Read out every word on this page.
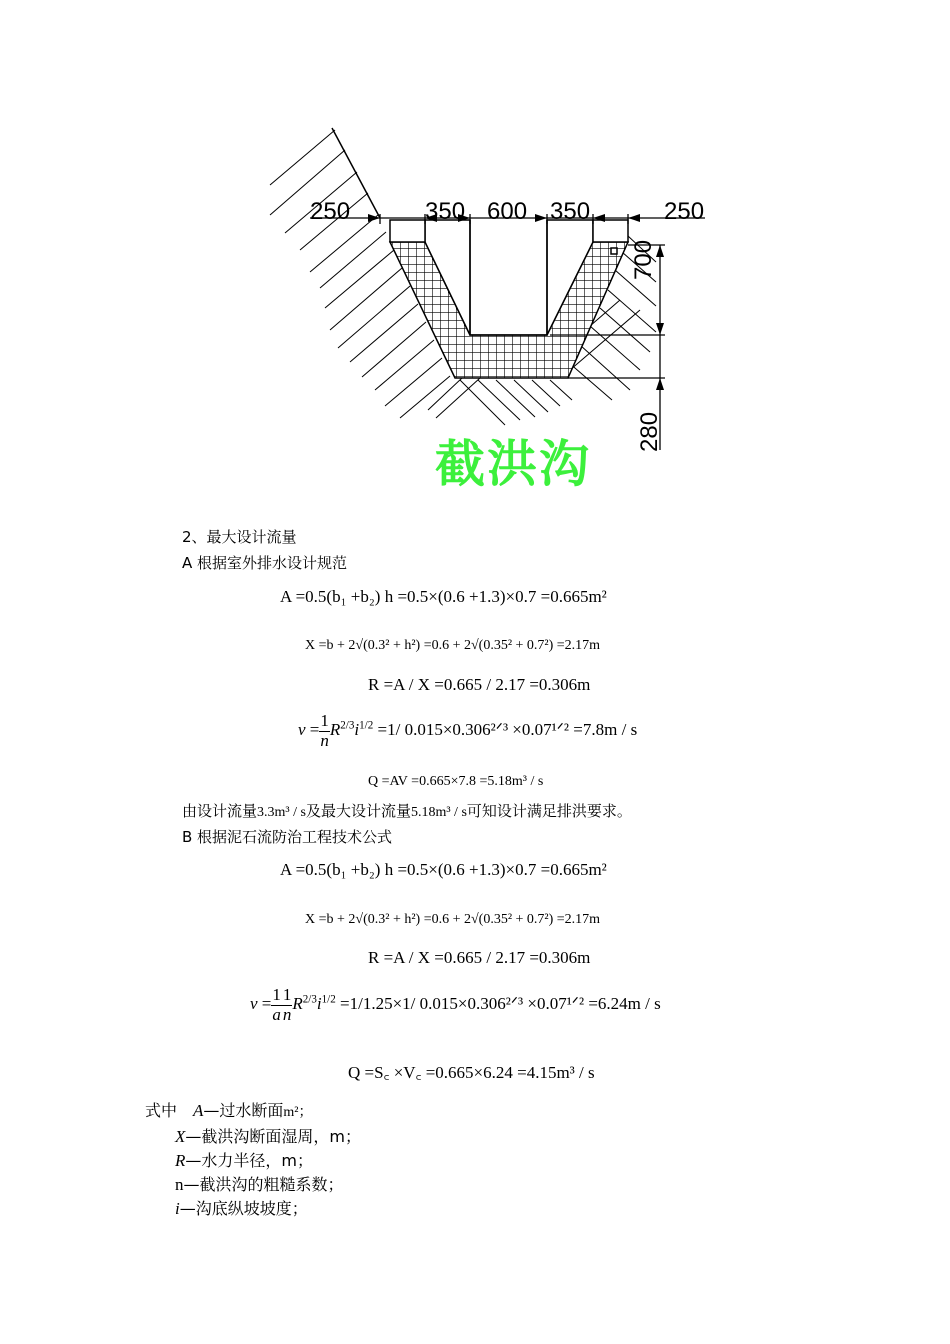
250	350 600 350	250
700
280
截洪沟
2、最大设计流量
A 根据室外排水设计规范
A =0.5(b₁ +b₂) h =0.5×(0.6 +1.3)×0.7 =0.665m²
X =b + 2√(0.3² + h²) =0.6 + 2√(0.35² + 0.7²) =2.17m
R =A / X =0.665 / 2.17 =0.306m
$v = \frac{1}{n} R^{2/3}i^{1/2} =1/$ 0.015×0.306²ᐟ³ ×0.07¹ᐟ² =7.8m / s
Q =AV =0.665×7.8 =5.18m³ / s
由设计流量3.3m³ / s及最大设计流量5.18m³ / s可知设计满足排洪要求。
B 根据泥石流防治工程技术公式
A =0.5(b₁ +b₂) h =0.5×(0.6 +1.3)×0.7 =0.665m²
X =b + 2√(0.3² + h²) =0.6 + 2√(0.35² + 0.7²) =2.17m
R =A / X =0.665 / 2.17 =0.306m
$v = \frac{1}{a} \frac{1}{n} R^{2/3}i^{1/2} =1/1.25\times 1/$ 0.015×0.306²ᐟ³ ×0.07¹ᐟ² =6.24m / s
Q =S꜀ ×V꜀ =0.665×6.24 =4.15m³ / s
式中 A—过水断面m²；
X—截洪沟断面湿周，m；
R—水力半径，m；
n—截洪沟的粗糙系数；
i—沟底纵坡坡度；
